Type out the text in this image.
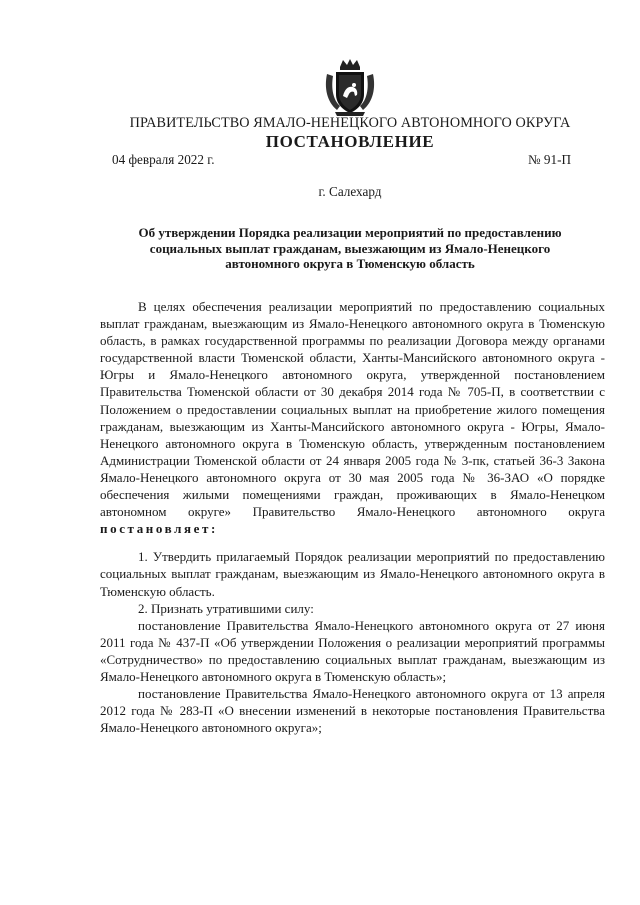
ПРАВИТЕЛЬСТВО ЯМАЛО-НЕНЕЦКОГО АВТОНОМНОГО ОКРУГА
ПОСТАНОВЛЕНИЕ
04 февраля 2022 г.	№ 91-П
г. Салехард
Об утверждении Порядка реализации мероприятий по предоставлению социальных выплат гражданам, выезжающим из Ямало-Ненецкого автономного округа в Тюменскую область

В целях обеспечения реализации мероприятий по предоставлению социальных выплат гражданам, выезжающим из Ямало-Ненецкого автономного округа в Тюменскую область, в рамках государственной программы по реализации Договора между органами государственной власти Тюменской области, Ханты-Мансийского автономного округа - Югры и Ямало-Ненецкого автономного округа, утвержденной постановлением Правительства Тюменской области от 30 декабря 2014 года № 705-П, в соответствии с Положением о предоставлении социальных выплат на приобретение жилого помещения гражданам, выезжающим из Ханты-Мансийского автономного округа - Югры, Ямало-Ненецкого автономного округа в Тюменскую область, утвержденным постановлением Администрации Тюменской области от 24 января 2005 года № 3-пк, статьей 36-3 Закона Ямало-Ненецкого автономного округа от 30 мая 2005 года № 36-ЗАО «О порядке обеспечения жилыми помещениями граждан, проживающих в Ямало-Ненецком автономном округе» Правительство Ямало-Ненецкого автономного округа постановляет:

1. Утвердить прилагаемый Порядок реализации мероприятий по предоставлению социальных выплат гражданам, выезжающим из Ямало-Ненецкого автономного округа в Тюменскую область.

2. Признать утратившими силу:

постановление Правительства Ямало-Ненецкого автономного округа от 27 июня 2011 года № 437-П «Об утверждении Положения о реализации мероприятий программы «Сотрудничество» по предоставлению социальных выплат гражданам, выезжающим из Ямало-Ненецкого автономного округа в Тюменскую область»;

постановление Правительства Ямало-Ненецкого автономного округа от 13 апреля 2012 года № 283-П «О внесении изменений в некоторые постановления Правительства Ямало-Ненецкого автономного округа»;
